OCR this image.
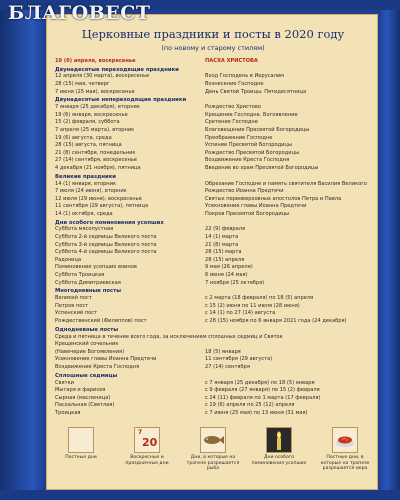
БЛАГОВЕСТ
Церковные праздники и посты в 2020 году
(по новому и старому стилям)
19 (6) апреля, воскресенье	ПАСХА ХРИСТОВА
Двунадесятые переходящие праздники
12 апреля (30 марта), воскресенье	Вход Господень в Иерусалим
28 (15) мая, четверг	Вознесение Господне
7 июня (25 мая), воскресенье	День Святой Троицы. Пятидесятница
Двунадесятые непереходящие праздники
7 января (25 декабря), вторник	Рождество Христово
19 (6) января, воскресенье	Крещение Господне. Богоявление
15 (2) февраля, суббота	Сретение Господне
7 апреля (25 марта), вторник	Благовещение Пресвятой Богородицы
19 (6) августа, среда	Преображение Господне
28 (15) августа, пятница	Успение Пресвятой Богородицы
21 (8) сентября, понедельник	Рождество Пресвятой Богородицы
27 (14) сентября, воскресенье	Воздвижение Креста Господня
4 декабря (21 ноября), пятница	Введение во храм Пресвятой Богородицы
Великие праздники
14 (1) января, вторник	Обрезание Господне и память святителя Василия Великого
7 июля (24 июня), вторник	Рождество Иоанна Предтечи
12 июля (29 июня), воскресенье	Святых первоверховных апостолов Петра и Павла
11 сентября (29 августа), пятница	Усекновение главы Иоанна Предтечи
14 (1) октября, среда	Покров Пресвятой Богородицы
Дни особого поминовения усопших
Суббота мясопустная	22 (9) февраля
Суббота 2-й седмицы Великого поста	14 (1) марта
Суббота 3-й седмицы Великого поста	21 (8) марта
Суббота 4-й седмицы Великого поста	28 (15) марта
Радоница	28 (15) апреля
Поминовение усопших воинов	9 мая (26 апреля)
Суббота Троицкая	6 июня (24 мая)
Суббота Димитриевская	7 ноября (25 октября)
Многодневные посты
Великий пост	с 2 марта (18 февраля) по 18 (5) апреля
Петров пост	с 15 (2) июня по 11 июля (28 июня)
Успенский пост	с 14 (1) по 27 (14) августа
Рождественский (Филиппов) пост	с 28 (15) ноября по 6 января 2021 года (24 декабря)
Однодневные посты
Среда и пятница в течение всего года, за исключением сплошных седмиц и Святок
Крещенский сочельник
(Навечерие Богоявления)	18 (5) января
Усекновение главы Иоанна Предтечи	11 сентября (29 августа)
Воздвижение Креста Господня	27 (14) сентября
Сплошные седмицы
Святки	с 7 января (25 декабря) по 18 (5) января
Мытаря и фарисея	с 9 февраля (27 января) по 15 (2) февраля
Сырная (масленица)	с 24 (11) февраля по 1 марта (17 февраля)
Пасхальная (Светлая)	с 19 (6) апреля по 25 (12) апреля
Троицкая	с 7 июня (25 мая) по 13 июня (31 мая)
Постные дни
7
20
Воскресные и праздничные дни
Дни, в которые на трапезе разрешается рыба
Дни особого поминовения усопших
Постные дни, в которые на трапезе разрешается икра
